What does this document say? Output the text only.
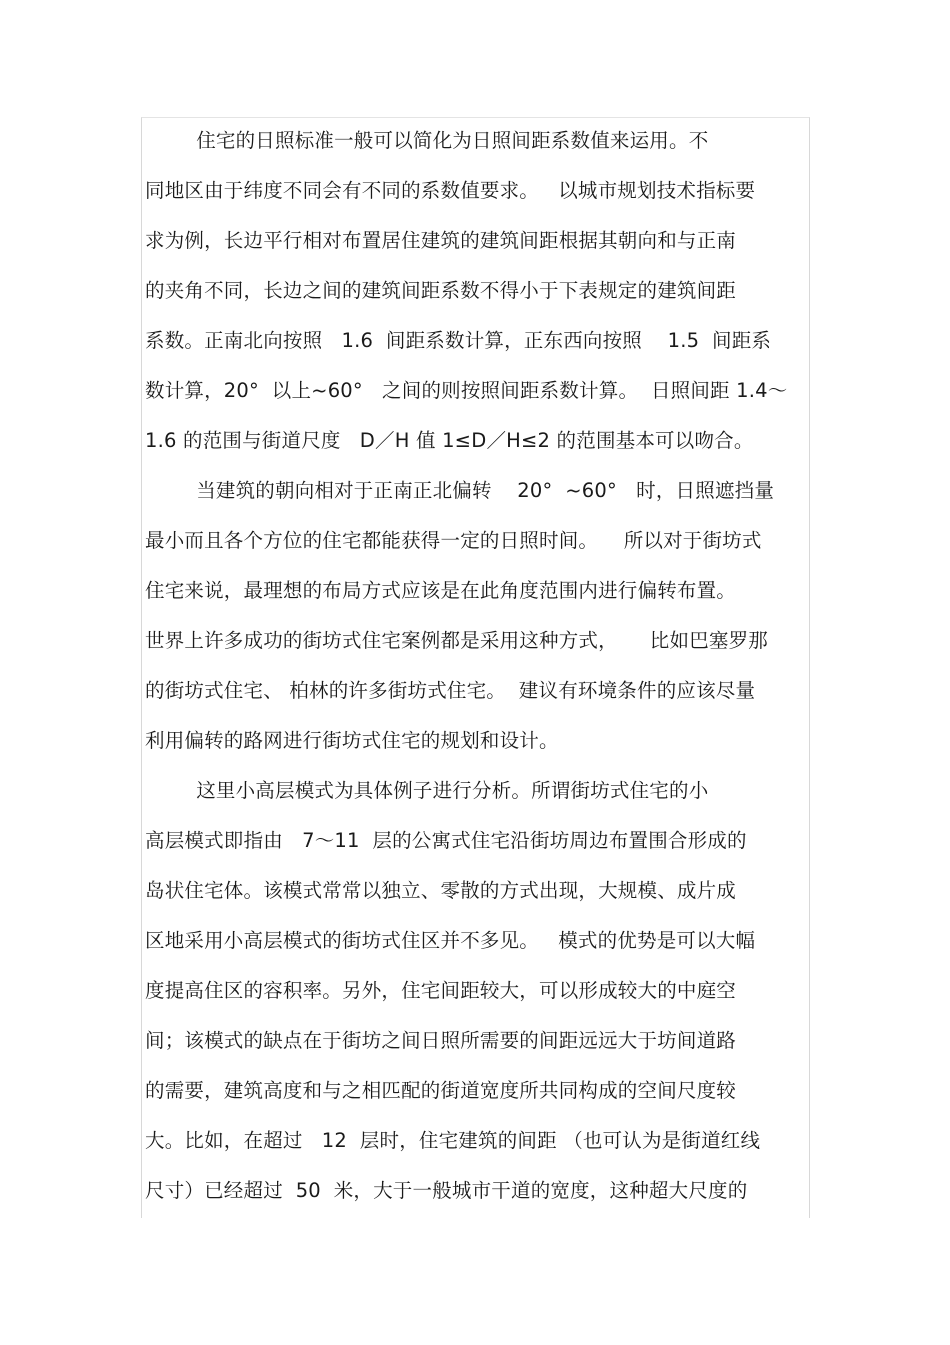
住宅的日照标准一般可以简化为日照间距系数值来运用。不
同地区由于纬度不同会有不同的系数值要求。   以城市规划技术指标要
求为例，长边平行相对布置居住建筑的建筑间距根据其朝向和与正南
的夹角不同，长边之间的建筑间距系数不得小于下表规定的建筑间距
系数。正南北向按照   1.6  间距系数计算，正东西向按照    1.5  间距系
数计算，20°  以上~60°   之间的则按照间距系数计算。  日照间距 1.4～
1.6 的范围与街道尺度   D／H 值 1≤D／H≤2 的范围基本可以吻合。
当建筑的朝向相对于正南正北偏转    20°  ~60°   时，日照遮挡量
最小而且各个方位的住宅都能获得一定的日照时间。    所以对于街坊式
住宅来说，最理想的布局方式应该是在此角度范围内进行偏转布置。
世界上许多成功的街坊式住宅案例都是采用这种方式，     比如巴塞罗那
的街坊式住宅、 柏林的许多街坊式住宅。  建议有环境条件的应该尽量
利用偏转的路网进行街坊式住宅的规划和设计。
这里小高层模式为具体例子进行分析。所谓街坊式住宅的小
高层模式即指由   7～11  层的公寓式住宅沿街坊周边布置围合形成的
岛状住宅体。该模式常常以独立、零散的方式出现，大规模、成片成
区地采用小高层模式的街坊式住区并不多见。   模式的优势是可以大幅
度提高住区的容积率。另外，住宅间距较大，可以形成较大的中庭空
间；该模式的缺点在于街坊之间日照所需要的间距远远大于坊间道路
的需要，建筑高度和与之相匹配的街道宽度所共同构成的空间尺度较
大。比如，在超过   12  层时，住宅建筑的间距 （也可认为是街道红线
尺寸）已经超过  50  米，大于一般城市干道的宽度，这种超大尺度的
